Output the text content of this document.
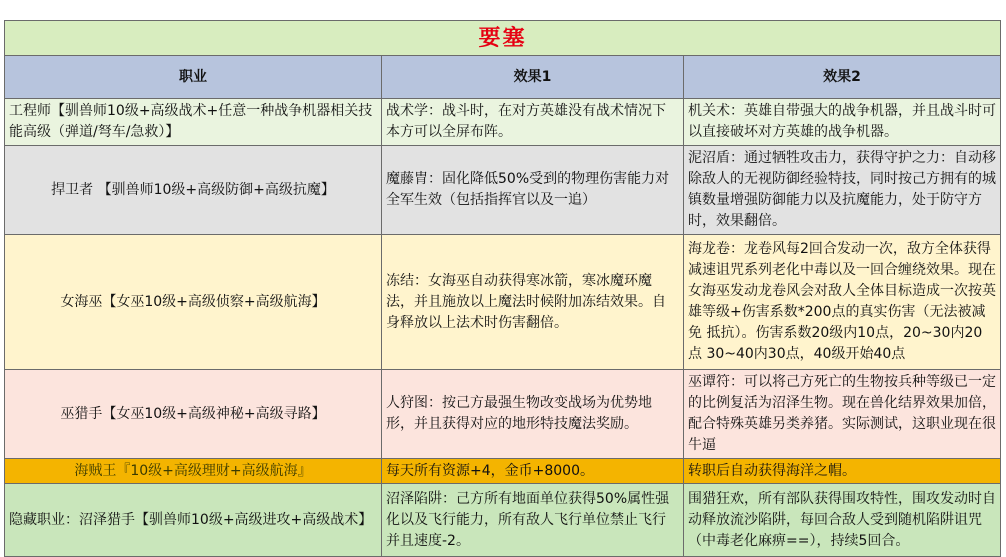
要塞		
职业	效果1	效果2
工程师【驯兽师10级+高级战术+任意一种战争机器相关技能高级（弹道/弩车/急救）】	战术学：战斗时，在对方英雄没有战术情况下本方可以全屏布阵。	机关术：英雄自带强大的战争机器，并且战斗时可以直接破坏对方英雄的战争机器。
捍卫者 【驯兽师10级+高级防御+高级抗魔】	魔藤胄：固化降低50%受到的物理伤害能力对全军生效（包括指挥官以及一追）	泥沼盾：通过牺牲攻击力，获得守护之力：自动移除敌人的无视防御经验特技，同时按己方拥有的城镇数量增强防御能力以及抗魔能力，处于防守方时，效果翻倍。
女海巫【女巫10级+高级侦察+高级航海】	冻结：女海巫自动获得寒冰箭，寒冰魔环魔法，并且施放以上魔法时候附加冻结效果。自身释放以上法术时伤害翻倍。	海龙卷：龙卷风每2回合发动一次，敌方全体获得减速诅咒系列老化中毒以及一回合缠绕效果。现在女海巫发动龙卷风会对敌人全体目标造成一次按英雄等级+伤害系数*200点的真实伤害（无法被减免 抵抗）。伤害系数20级内10点，20~30内20点 30~40内30点，40级开始40点
巫猎手【女巫10级+高级神秘+高级寻路】	人狩图：按己方最强生物改变战场为优势地形，并且获得对应的地形特技魔法奖励。	巫谭符：可以将己方死亡的生物按兵种等级已一定的比例复活为沼泽生物。现在兽化结界效果加倍，配合特殊英雄另类养猪。实际测试，这职业现在很牛逼
海贼王『10级+高级理财+高级航海』	每天所有资源+4，金币+8000。	转职后自动获得海洋之帽。
隐藏职业：沼泽猎手【驯兽师10级+高级进攻+高级战术】	沼泽陷阱：己方所有地面单位获得50%属性强化以及飞行能力，所有敌人飞行单位禁止飞行并且速度-2。	围猎狂欢，所有部队获得围攻特性，围攻发动时自动释放流沙陷阱，每回合敌人受到随机陷阱诅咒（中毒老化麻痹==），持续5回合。
